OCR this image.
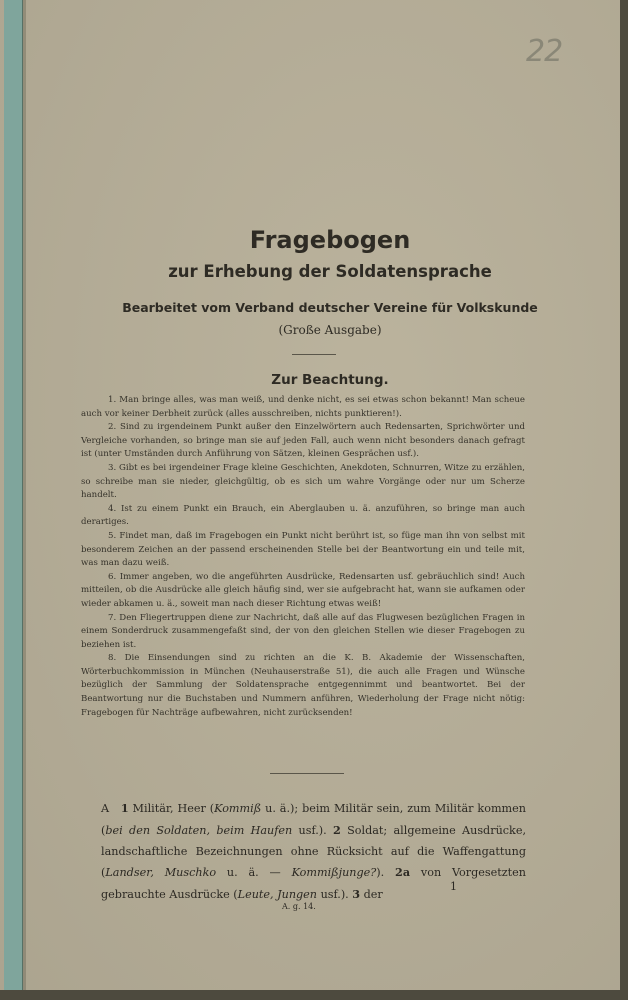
22
Fragebogen
zur Erhebung der Soldatensprache
Bearbeitet vom Verband deutscher Vereine für Volkskunde
(Große Ausgabe)
Zur Beachtung.

1. Man bringe alles, was man weiß, und denke nicht, es sei etwas schon bekannt! Man scheue auch vor keiner Derbheit zurück (alles ausschreiben, nichts punktieren!).

2. Sind zu irgendeinem Punkt außer den Einzelwörtern auch Redensarten, Sprichwörter und Vergleiche vorhanden, so bringe man sie auf jeden Fall, auch wenn nicht besonders danach gefragt ist (unter Umständen durch Anführung von Sätzen, kleinen Gesprächen usf.).

3. Gibt es bei irgendeiner Frage kleine Geschichten, Anekdoten, Schnurren, Witze zu erzählen, so schreibe man sie nieder, gleichgültig, ob es sich um wahre Vorgänge oder nur um Scherze handelt.

4. Ist zu einem Punkt ein Brauch, ein Aberglauben u. ä. anzuführen, so bringe man auch derartiges.

5. Findet man, daß im Fragebogen ein Punkt nicht berührt ist, so füge man ihn von selbst mit besonderem Zeichen an der passend erscheinenden Stelle bei der Beantwortung ein und teile mit, was man dazu weiß.

6. Immer angeben, wo die angeführten Ausdrücke, Redensarten usf. gebräuchlich sind! Auch mitteilen, ob die Ausdrücke alle gleich häufig sind, wer sie aufgebracht hat, wann sie aufkamen oder wieder abkamen u. ä., soweit man nach dieser Richtung etwas weiß!

7. Den Fliegertruppen diene zur Nachricht, daß alle auf das Flugwesen bezüglichen Fragen in einem Sonderdruck zusammengefaßt sind, der von den gleichen Stellen wie dieser Fragebogen zu beziehen ist.

8. Die Einsendungen sind zu richten an die K. B. Akademie der Wissenschaften, Wörterbuchkommission in München (Neuhauserstraße 51), die auch alle Fragen und Wünsche bezüglich der Sammlung der Soldatensprache entgegennimmt und beantwortet. Bei der Beantwortung nur die Buchstaben und Nummern anführen, Wiederholung der Frage nicht nötig: Fragebogen für Nachträge aufbewahren, nicht zurücksenden!

A 1 Militär, Heer (Kommiß u. ä.); beim Militär sein, zum Militär kommen (bei den Soldaten, beim Haufen usf.). 2 Soldat; allgemeine Ausdrücke, landschaftliche Bezeichnungen ohne Rücksicht auf die Waffengattung (Landser, Muschko u. ä. — Kommißjunge?). 2a von Vorgesetzten gebrauchte Ausdrücke (Leute, Jungen usf.). 3 der

1
A. g. 14.
